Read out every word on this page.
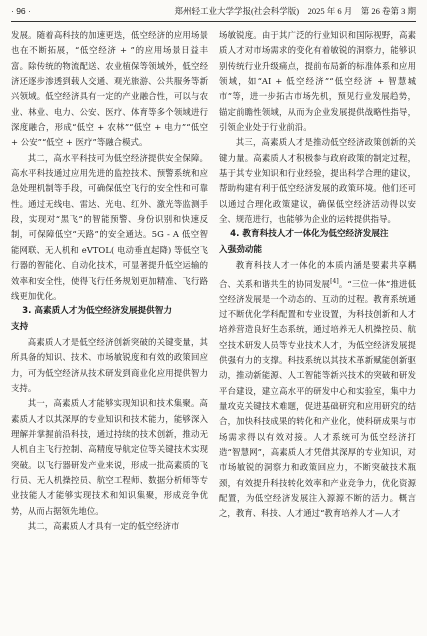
· 96 ·	郑州轻工业大学学报(社会科学版)　2025 年 6 月　第 26 卷第 3 期

发展。随着高科技的加速更迭，低空经济的应用场景也在不断拓展，“低空经济 + ”的应用场景日益丰富。除传统的物流配送、农业植保等领域外，低空经济还逐步渗透到载人交通、观光旅游、公共服务等新兴领域。低空经济具有一定的产业融合性，可以与农业、林业、电力、公安、医疗、体育等多个领域进行深度融合，形成“低空 + 农林”“低空 + 电力”“低空 + 公安”“低空 + 医疗”等融合模式。

其二，高水平科技可为低空经济提供安全保障。高水平科技通过应用先进的监控技术、预警系统和应急处理机制等手段，可确保低空飞行的安全性和可靠性。通过无线电、雷达、光电、红外、激光等监测手段，实现对“黑飞”的智能预警、身份识别和快速反制，可保障低空“天路”的安全通达。5G - A 低空智能网联、无人机和 eVTOL( 电动垂直起降) 等低空飞行器的智能化、自动化技术，可显著提升低空运输的效率和安全性，使得飞行任务规划更加精准、飞行路线更加优化。

3. 高素质人才为低空经济发展提供智力
支持

高素质人才是低空经济创新突破的关键变量，其所具备的知识、技术、市场敏锐度和有效的政策回应力，可为低空经济从技术研发到商业化应用提供智力支持。

其一，高素质人才能够实现知识和技术集聚。高素质人才以其深厚的专业知识和技术能力，能够深入理解并掌握前沿科技，通过持续的技术创新，推动无人机自主飞行控制、高精度导航定位等关键技术实现突破。以飞行器研发产业来说，形成一批高素质的飞行员、无人机操控员、航空工程师、数据分析师等专业技能人才能够实现技术和知识集聚，形成竞争优势，从而占据领先地位。

其二，高素质人才具有一定的低空经济市

场敏锐度。由于其广泛的行业知识和国际视野，高素质人才对市场需求的变化有着敏锐的洞察力，能够识别传统行业升级痛点，提前布局新的标准体系和应用领域，如“AI + 低空经济”“低空经济 + 智慧城市”等，进一步拓古市场先机，预见行业发展趋势，锚定前瞻性领域，从而为企业发展提供战略性指导，引领企业处于行业前沿。

其三，高素质人才是推动低空经济政策创新的关键力量。高素质人才积极参与政府政策的制定过程，基于其专业知识和行业经验，提出科学合理的建议，帮助构建有利于低空经济发展的政策环境。他们还可以通过合理化政策建议，确保低空经济活动得以安全、规范进行，也能够为企业的运转提供指导。

4. 教育科技人才一体化为低空经济发展注
入强劲动能

教育科技人才一体化的本质内涵是要素共享耦合、关系和谐共生的协同发展[4]。“三位一体”推进低空经济发展是一个动态的、互动的过程。教育系统通过不断优化学科配置和专业设置，为科技创新和人才培养营造良好生态系统，通过培养无人机操控员、航空技术研发人员等专业技术人才，为低空经济发展提供强有力的支撑。科技系统以其技术革新赋能创新驱动，推动新能源、人工智能等新兴技术的突破和研发平台建设，建立高水平的研发中心和实验室，集中力量攻克关键技术难题，促进基础研究和应用研究的结合，加快科技成果的转化和产业化，使科研成果与市场需求得以有效对接。人才系统可为低空经济打造“智慧网”，高素质人才凭借其深厚的专业知识，对市场敏锐的洞察力和政策回应力，不断突破技术瓶颈，有效提升科技转化效率和产业竞争力，优化资源配置，为低空经济发展注入源源不断的活力。概言之，教育、科技、人才通过“教育培养人才—人才
